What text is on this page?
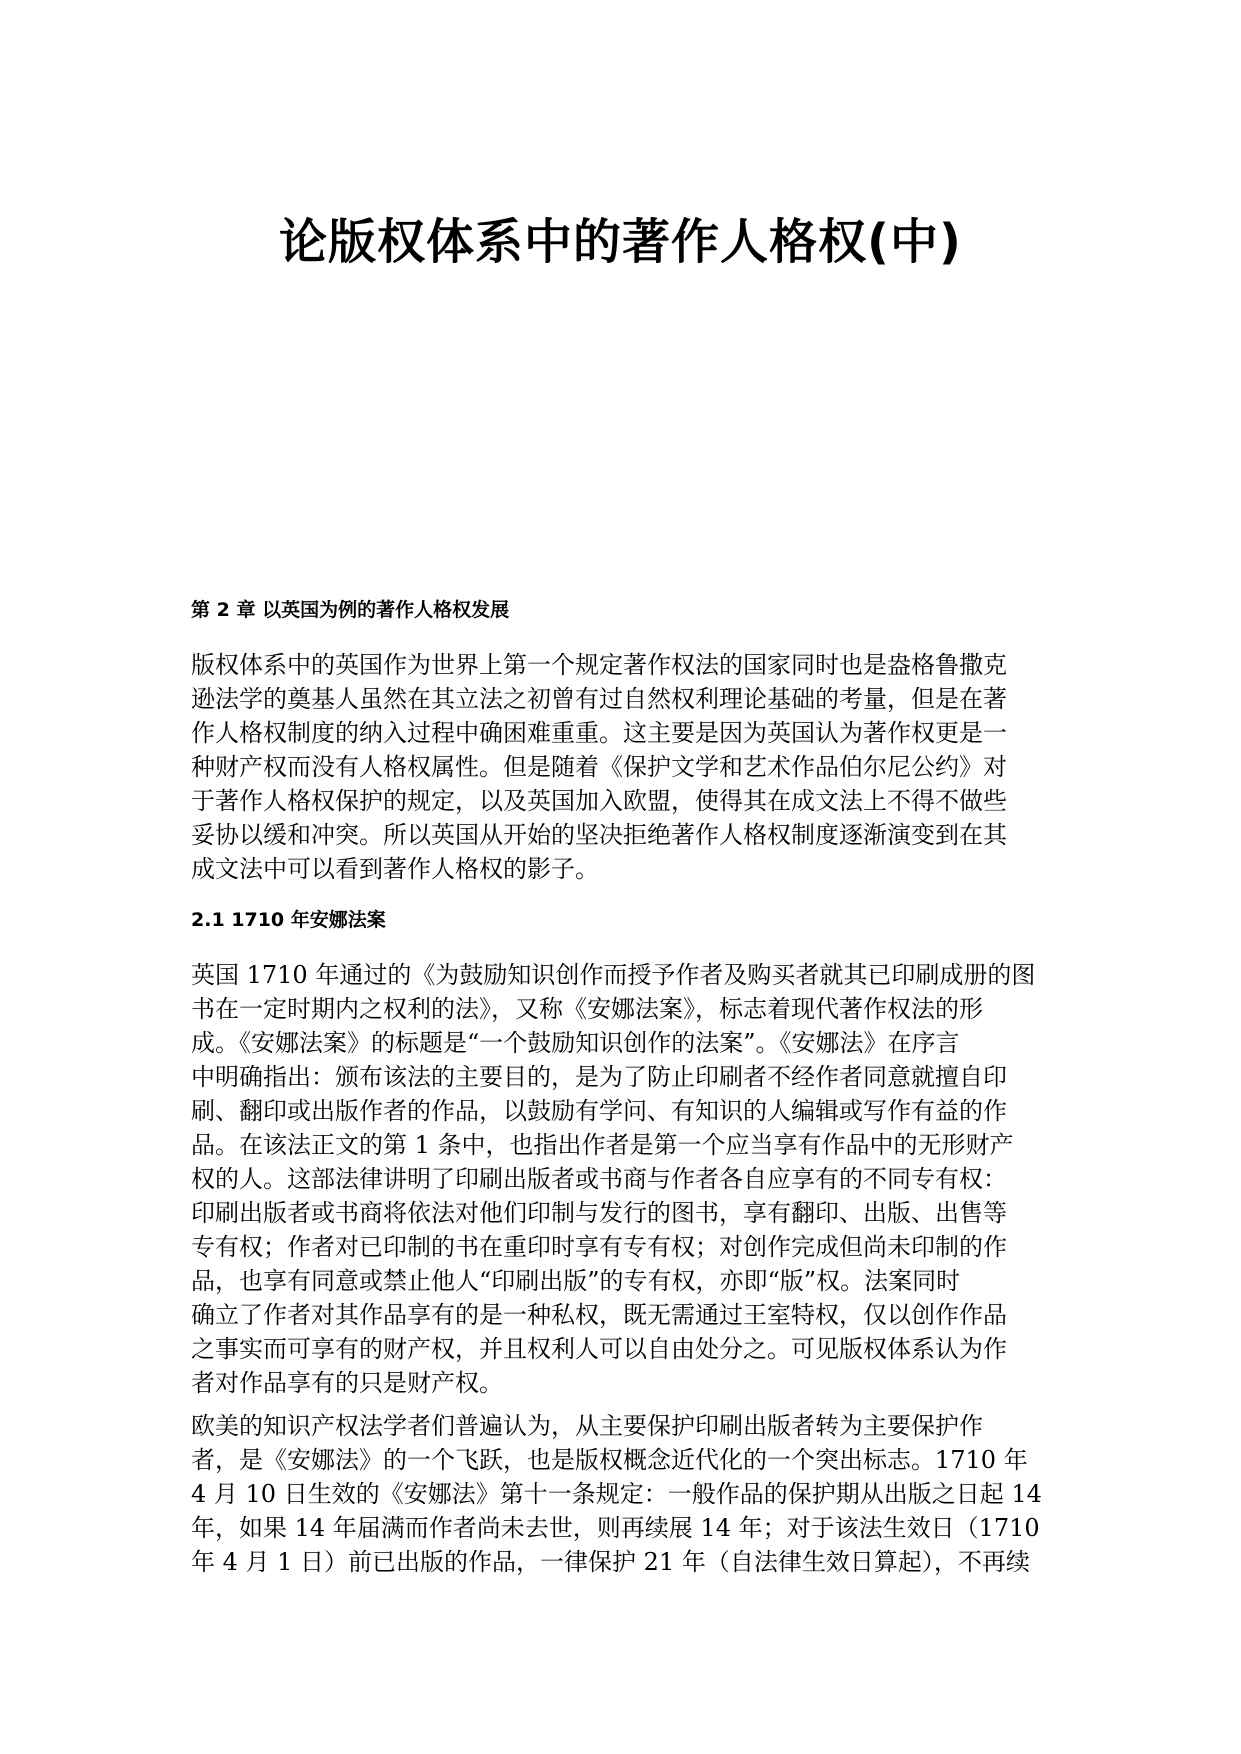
论版权体系中的著作人格权(中)
第 2 章 以英国为例的著作人格权发展
版权体系中的英国作为世界上第一个规定著作权法的国家同时也是盎格鲁撒克
逊法学的奠基人虽然在其立法之初曾有过自然权利理论基础的考量，但是在著
作人格权制度的纳入过程中确困难重重。这主要是因为英国认为著作权更是一
种财产权而没有人格权属性。但是随着《保护文学和艺术作品伯尔尼公约》对
于著作人格权保护的规定，以及英国加入欧盟，使得其在成文法上不得不做些
妥协以缓和冲突。所以英国从开始的坚决拒绝著作人格权制度逐渐演变到在其
成文法中可以看到著作人格权的影子。
2.1 1710 年安娜法案
英国 1710 年通过的《为鼓励知识创作而授予作者及购买者就其已印刷成册的图
书在一定时期内之权利的法》，又称《安娜法案》，标志着现代著作权法的形
成。《安娜法案》的标题是“一个鼓励知识创作的法案”。《安娜法》在序言
中明确指出：颁布该法的主要目的，是为了防止印刷者不经作者同意就擅自印
刷、翻印或出版作者的作品，以鼓励有学问、有知识的人编辑或写作有益的作
品。在该法正文的第 1 条中，也指出作者是第一个应当享有作品中的无形财产
权的人。这部法律讲明了印刷出版者或书商与作者各自应享有的不同专有权：
印刷出版者或书商将依法对他们印制与发行的图书，享有翻印、出版、出售等
专有权；作者对已印制的书在重印时享有专有权；对创作完成但尚未印制的作
品，也享有同意或禁止他人“印刷出版”的专有权，亦即“版”权。法案同时
确立了作者对其作品享有的是一种私权，既无需通过王室特权，仅以创作作品
之事实而可享有的财产权，并且权利人可以自由处分之。可见版权体系认为作
者对作品享有的只是财产权。
欧美的知识产权法学者们普遍认为，从主要保护印刷出版者转为主要保护作
者，是《安娜法》的一个飞跃，也是版权概念近代化的一个突出标志。1710 年
4 月 10 日生效的《安娜法》第十一条规定：一般作品的保护期从出版之日起 14
年，如果 14 年届满而作者尚未去世，则再续展 14 年；对于该法生效日（1710
年 4 月 1 日）前已出版的作品，一律保护 21 年（自法律生效日算起），不再续
